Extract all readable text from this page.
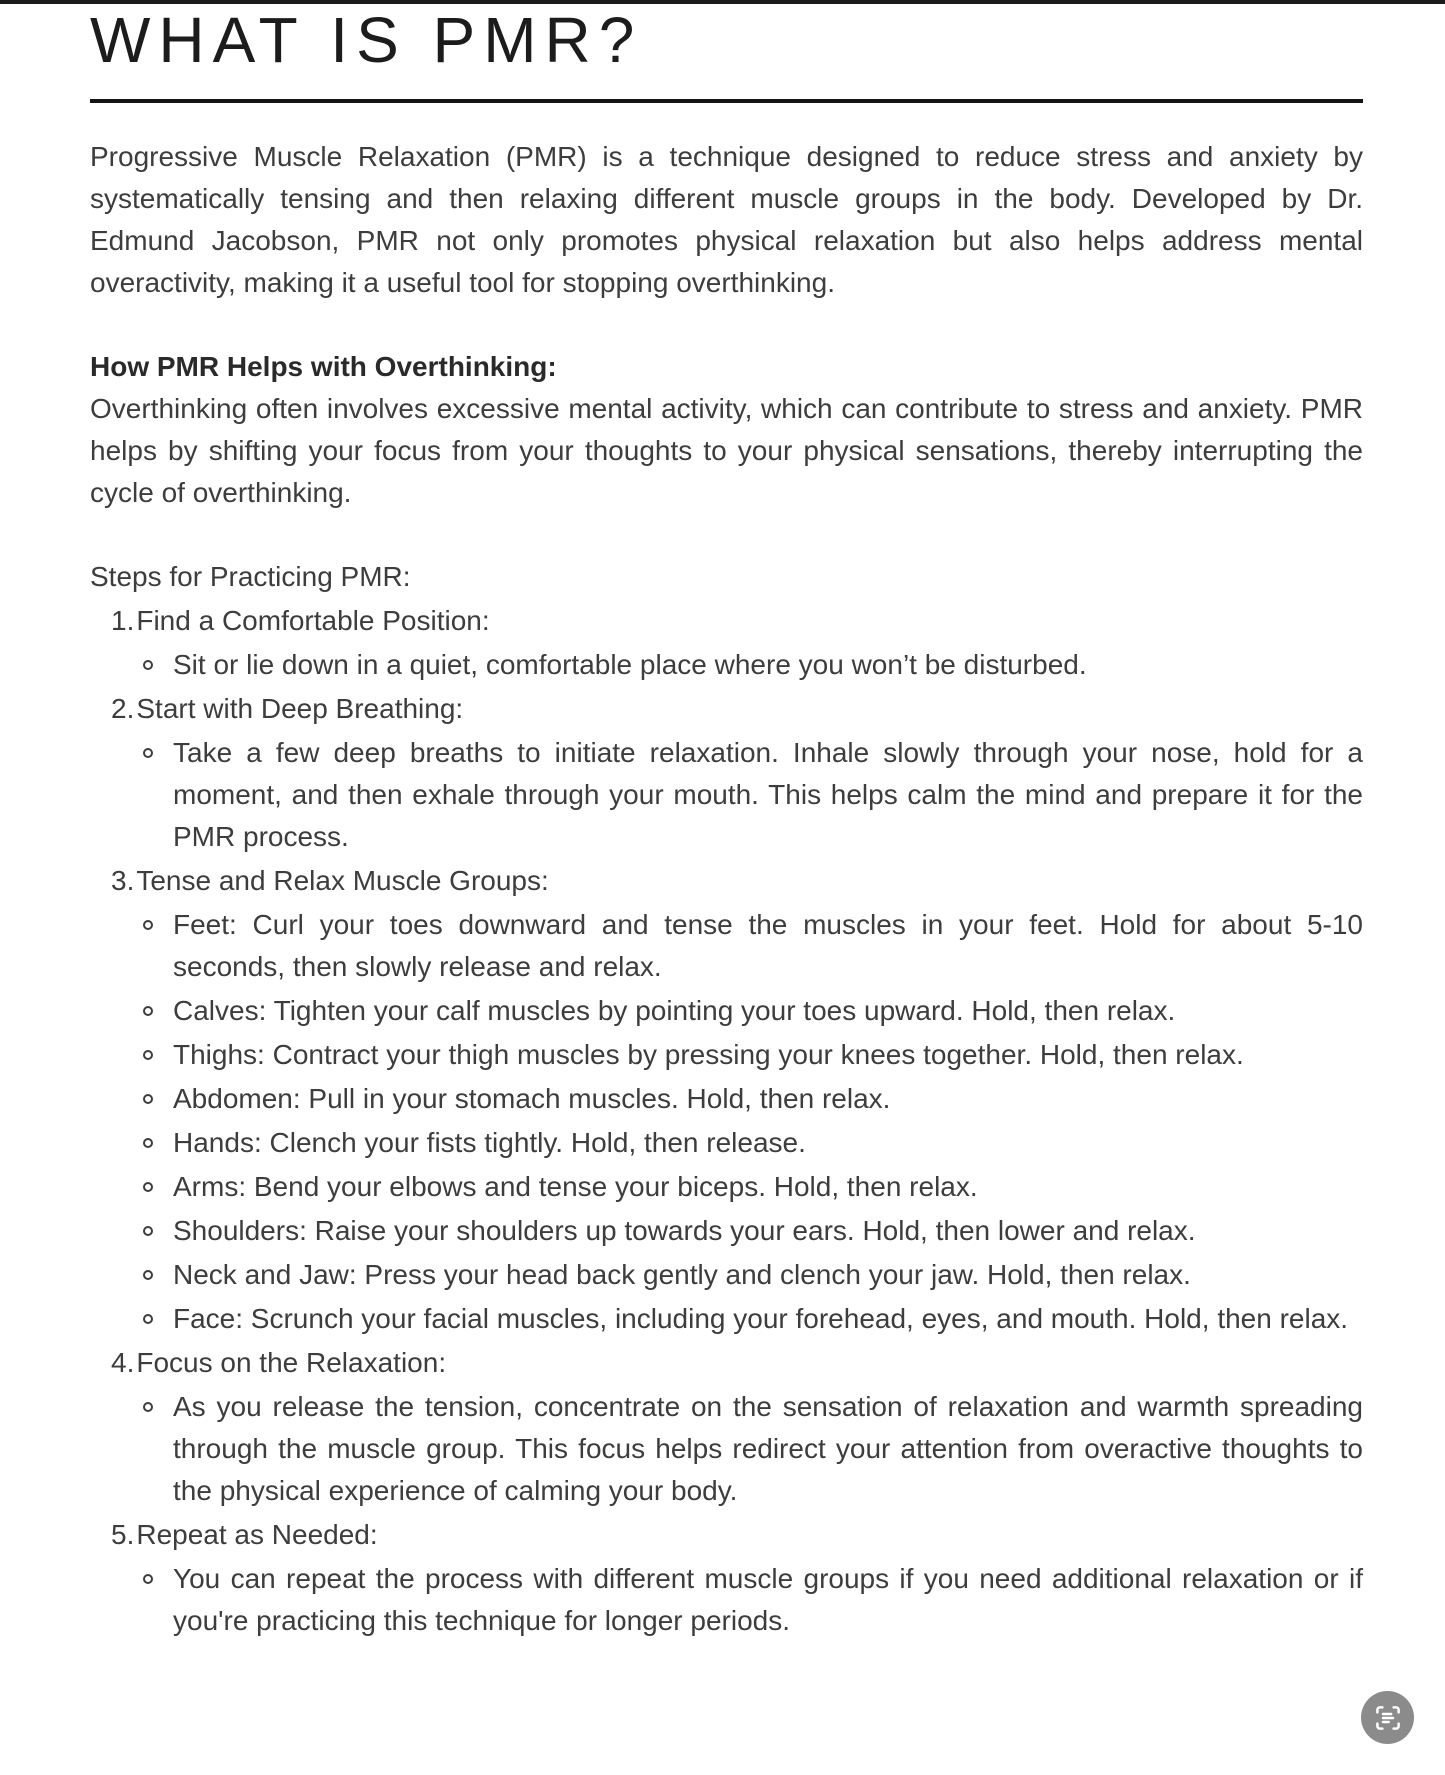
WHAT IS PMR?

Progressive Muscle Relaxation (PMR) is a technique designed to reduce stress and anxiety by systematically tensing and then relaxing different muscle groups in the body. Developed by Dr. Edmund Jacobson, PMR not only promotes physical relaxation but also helps address mental overactivity, making it a useful tool for stopping overthinking.

How PMR Helps with Overthinking:

Overthinking often involves excessive mental activity, which can contribute to stress and anxiety. PMR helps by shifting your focus from your thoughts to your physical sensations, thereby interrupting the cycle of overthinking.

Steps for Practicing PMR:
1. Find a Comfortable Position:
Sit or lie down in a quiet, comfortable place where you won’t be disturbed.
2. Start with Deep Breathing:
Take a few deep breaths to initiate relaxation. Inhale slowly through your nose, hold for a moment, and then exhale through your mouth. This helps calm the mind and prepare it for the PMR process.
3. Tense and Relax Muscle Groups:
Feet: Curl your toes downward and tense the muscles in your feet. Hold for about 5-10 seconds, then slowly release and relax.
Calves: Tighten your calf muscles by pointing your toes upward. Hold, then relax.
Thighs: Contract your thigh muscles by pressing your knees together. Hold, then relax.
Abdomen: Pull in your stomach muscles. Hold, then relax.
Hands: Clench your fists tightly. Hold, then release.
Arms: Bend your elbows and tense your biceps. Hold, then relax.
Shoulders: Raise your shoulders up towards your ears. Hold, then lower and relax.
Neck and Jaw: Press your head back gently and clench your jaw. Hold, then relax.
Face: Scrunch your facial muscles, including your forehead, eyes, and mouth. Hold, then relax.
4. Focus on the Relaxation:
As you release the tension, concentrate on the sensation of relaxation and warmth spreading through the muscle group. This focus helps redirect your attention from overactive thoughts to the physical experience of calming your body.
5. Repeat as Needed:
You can repeat the process with different muscle groups if you need additional relaxation or if you're practicing this technique for longer periods.
